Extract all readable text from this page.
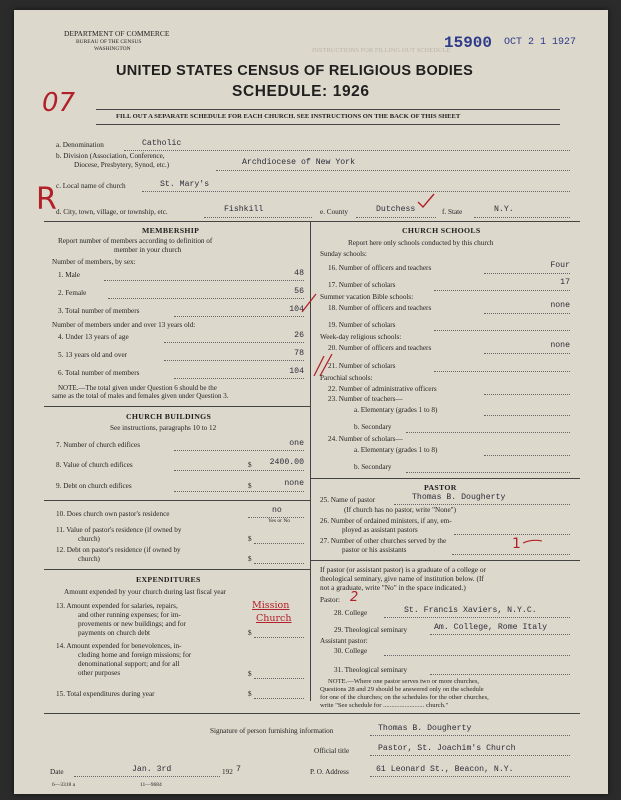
DEPARTMENT OF COMMERCE
BUREAU OF THE CENSUS
WASHINGTON	15900 OCT 2 1 1927
INSTRUCTIONS FOR FILLING OUT SCHEDULE
UNITED STATES CENSUS OF RELIGIOUS BODIES
SCHEDULE: 1926
07	FILL OUT A SEPARATE SCHEDULE FOR EACH CHURCH. SEE INSTRUCTIONS ON THE BACK OF THIS SHEET
a. Denomination	Catholic
b. Division (Association, Conference,
Diocese, Presbytery, Synod, etc.)	Archdiocese of New York
R c. Local name of church	St. Mary's
d. City, town, village, or township, etc.	Fishkill	e. County	Dutchess	f. State	N.Y.
MEMBERSHIP
Report number of members according to definition of
member in your church
Number of members, by sex:
1. Male	48
2. Female	56
3. Total number of members	104
Number of members under and over 13 years old:
4. Under 13 years of age	26
5. 13 years old and over	78
6. Total number of members	104
NOTE.—The total given under Question 6 should be the
same as the total of males and females given under Question 3.
CHURCH BUILDINGS
See instructions, paragraphs 10 to 12
7. Number of church edifices	one
8. Value of church edifices	$	2400.00
9. Debt on church edifices	$	none
10. Does church own pastor's residence	no
Yes or No
11. Value of pastor's residence (if owned by
church)	$
12. Debt on pastor's residence (if owned by
church)	$
EXPENDITURES
Amount expended by your church during last fiscal year
13. Amount expended for salaries, repairs,
and other running expenses; for im-
provements or new buildings; and for
payments on church debt
Mission
Church
$
14. Amount expended for benevolences, in-
cluding home and foreign missions; for
denominational support; and for all
other purposes	$
15. Total expenditures during year	$
CHURCH SCHOOLS
Report here only schools conducted by this church
Sunday schools:
16. Number of officers and teachers	Four
17. Number of scholars	17
Summer vacation Bible schools:
18. Number of officers and teachers	none
19. Number of scholars
Week-day religious schools:
20. Number of officers and teachers	none
21. Number of scholars
Parochial schools:
22. Number of administrative officers
23. Number of teachers—
a. Elementary (grades 1 to 8)
b. Secondary
24. Number of scholars—
a. Elementary (grades 1 to 8)
b. Secondary
PASTOR
25. Name of pastor	Thomas B. Dougherty
(If church has no pastor, write "None")
26. Number of ordained ministers, if any, em-
ployed as assistant pastors
27. Number of other churches served by the
pastor or his assistants	1
If pastor (or assistant pastor) is a graduate of a college or
theological seminary, give name of institution below. (If
not a graduate, write "No" in the space indicated.)
Pastor: 2
28. College	St. Francis Xaviers, N.Y.C.
29. Theological seminary	Am. College, Rome Italy
Assistant pastor:
30. College
31. Theological seminary
NOTE.—Where one pastor serves two or more churches,
Questions 28 and 29 should be answered only on the schedule
for one of the churches; on the schedules for the other churches,
write "See schedule for ......................... church."
Signature of person furnishing information	Thomas B. Dougherty
Official title	Pastor, St. Joachim's Church
Date	Jan. 3rd	192 7
6—3318 a	11—9684
P. O. Address	61 Leonard St., Beacon, N.Y.
